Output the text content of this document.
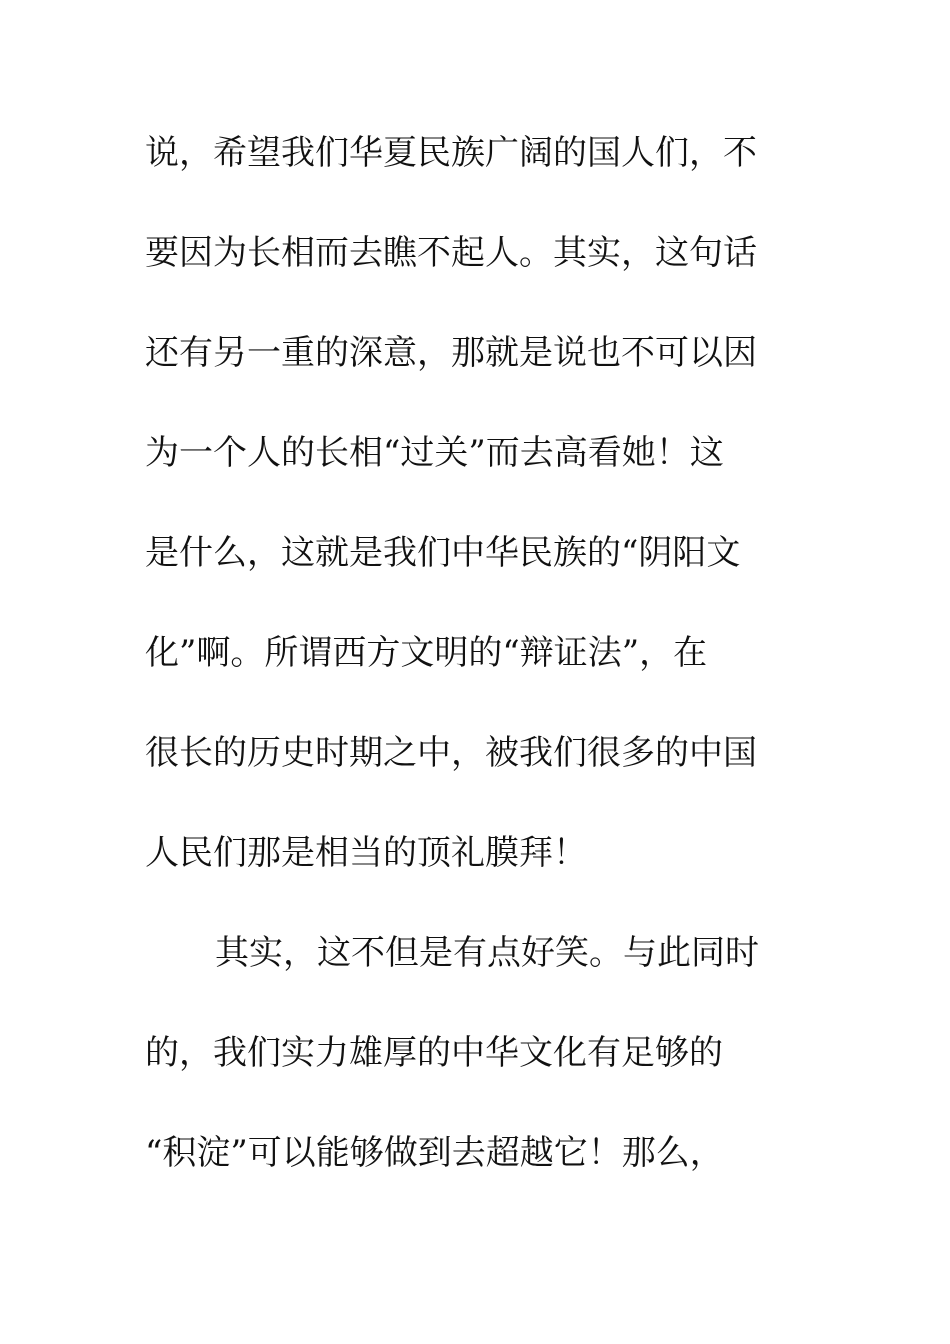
说，希望我们华夏民族广阔的国人们，不
要因为长相而去瞧不起人。其实，这句话
还有另一重的深意，那就是说也不可以因
为一个人的长相“过关”而去高看她！这
是什么，这就是我们中华民族的“阴阳文
化”啊。所谓西方文明的“辩证法”，在
很长的历史时期之中，被我们很多的中国
人民们那是相当的顶礼膜拜！
其实，这不但是有点好笑。与此同时
的，我们实力雄厚的中华文化有足够的
“积淀”可以能够做到去超越它！那么，
